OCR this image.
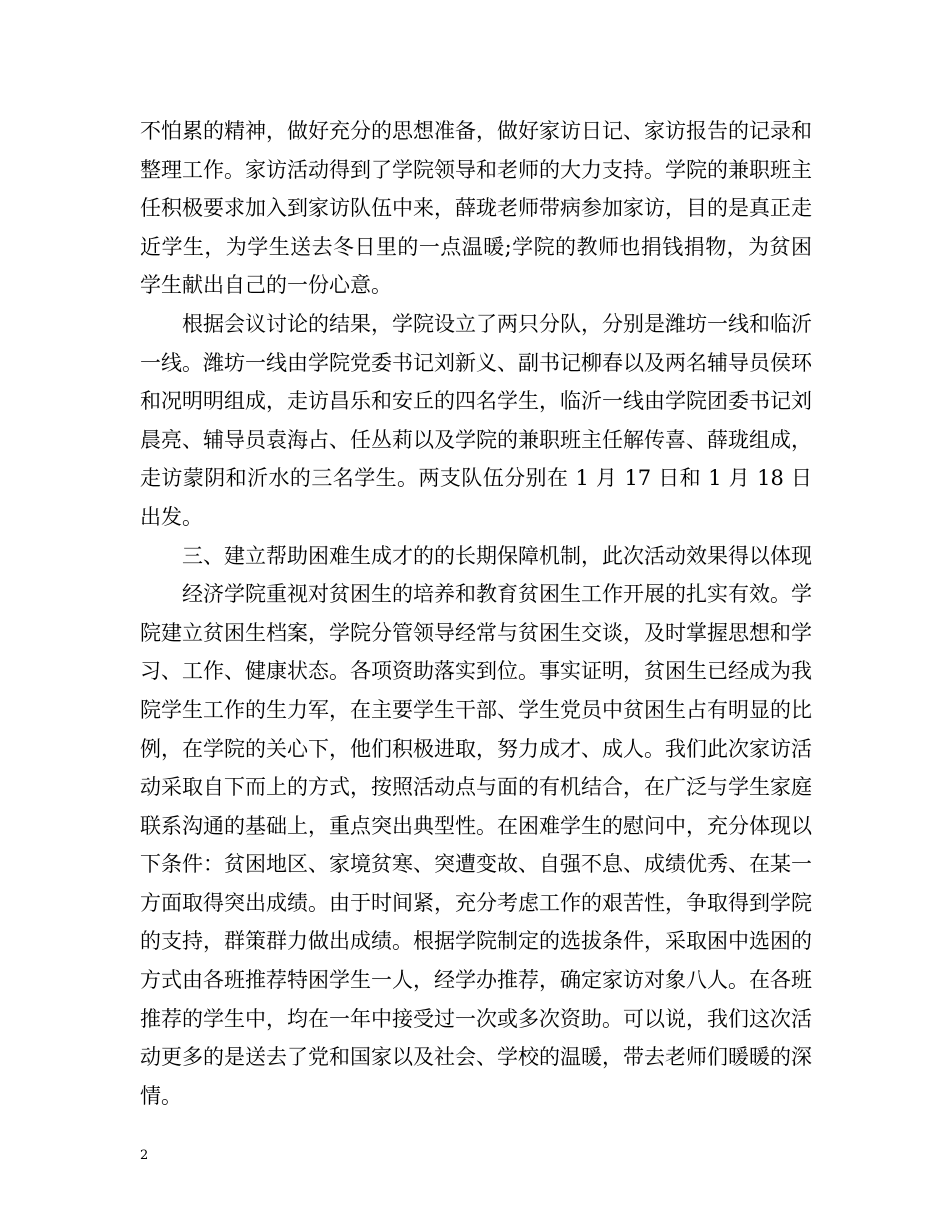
不怕累的精神，做好充分的思想准备，做好家访日记、家访报告的记录和整理工作。家访活动得到了学院领导和老师的大力支持。学院的兼职班主任积极要求加入到家访队伍中来，薛珑老师带病参加家访，目的是真正走近学生，为学生送去冬日里的一点温暖;学院的教师也捐钱捐物，为贫困学生献出自己的一份心意。

根据会议讨论的结果，学院设立了两只分队，分别是潍坊一线和临沂一线。潍坊一线由学院党委书记刘新义、副书记柳春以及两名辅导员侯环和况明明组成，走访昌乐和安丘的四名学生，临沂一线由学院团委书记刘晨亮、辅导员袁海占、任丛莉以及学院的兼职班主任解传喜、薛珑组成，走访蒙阴和沂水的三名学生。两支队伍分别在 1 月 17 日和 1 月 18 日出发。

三、建立帮助困难生成才的的长期保障机制，此次活动效果得以体现

经济学院重视对贫困生的培养和教育贫困生工作开展的扎实有效。学院建立贫困生档案，学院分管领导经常与贫困生交谈，及时掌握思想和学习、工作、健康状态。各项资助落实到位。事实证明，贫困生已经成为我院学生工作的生力军，在主要学生干部、学生党员中贫困生占有明显的比例，在学院的关心下，他们积极进取，努力成才、成人。我们此次家访活动采取自下而上的方式，按照活动点与面的有机结合，在广泛与学生家庭联系沟通的基础上，重点突出典型性。在困难学生的慰问中，充分体现以下条件：贫困地区、家境贫寒、突遭变故、自强不息、成绩优秀、在某一方面取得突出成绩。由于时间紧，充分考虑工作的艰苦性，争取得到学院的支持，群策群力做出成绩。根据学院制定的选拔条件，采取困中选困的方式由各班推荐特困学生一人，经学办推荐，确定家访对象八人。在各班推荐的学生中，均在一年中接受过一次或多次资助。可以说，我们这次活动更多的是送去了党和国家以及社会、学校的温暖，带去老师们暖暖的深情。

2
